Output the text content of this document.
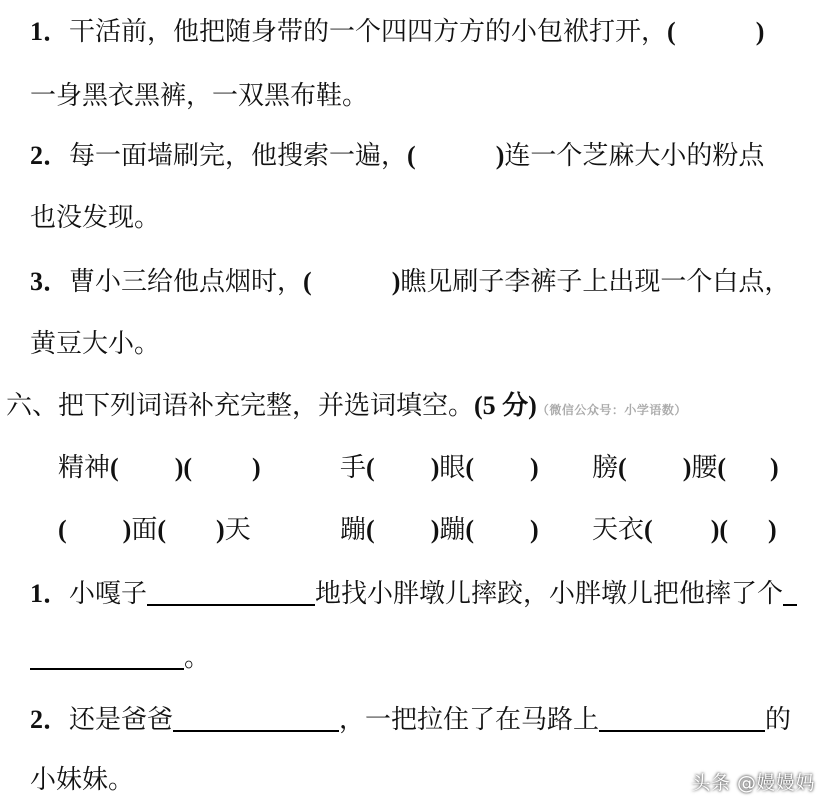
1．干活前，他把随身带的一个四四方方的小包袱打开，(	)
一身黑衣黑裤，一双黑布鞋。
2．每一面墙刷完，他搜索一遍，(	)连一个芝麻大小的粉点
也没发现。
3．曹小三给他点烟时，(	)瞧见刷子李裤子上出现一个白点，
黄豆大小。
六、把下列词语补充完整，并选词填空。(5 分)（微信公众号：小学语数）
精神( )( )	手( )眼( ) 膀( )腰( )
( )面( )天	蹦( )蹦( ) 天衣( )( )
1．小嘎子	地找小胖墩儿摔跤，小胖墩儿把他摔了个
。
2．还是爸爸	，一把拉住了在马路上	的
小妹妹。	头条 @嫚嫚妈
